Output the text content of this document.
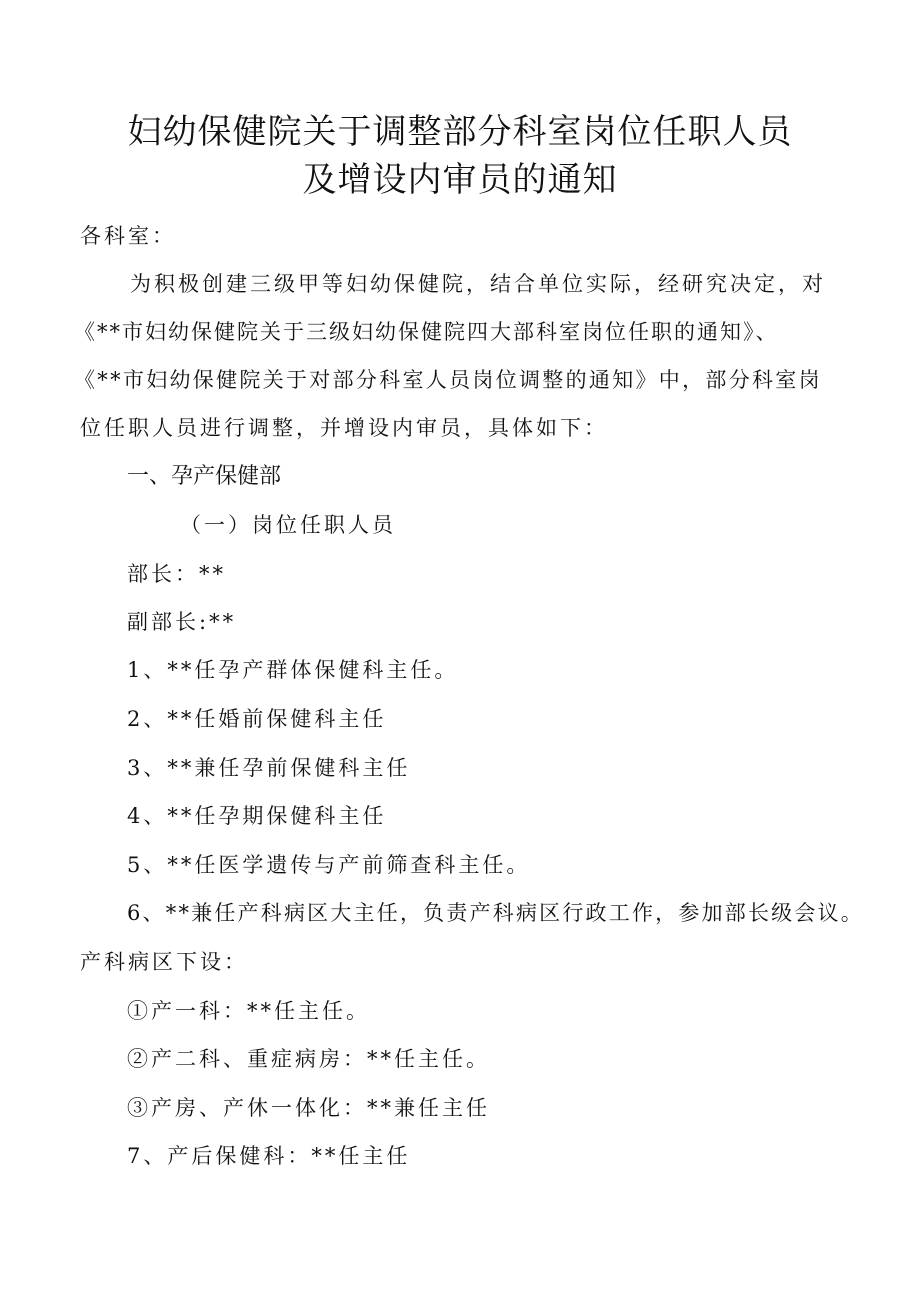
妇幼保健院关于调整部分科室岗位任职人员
及增设内审员的通知
各科室：
为积极创建三级甲等妇幼保健院，结合单位实际，经研究决定，对
《**市妇幼保健院关于三级妇幼保健院四大部科室岗位任职的通知》、
《**市妇幼保健院关于对部分科室人员岗位调整的通知》中，部分科室岗
位任职人员进行调整，并增设内审员，具体如下：
一、孕产保健部
（一）岗位任职人员
部长：**
副部长:**
1、**任孕产群体保健科主任。
2、**任婚前保健科主任
3、**兼任孕前保健科主任
4、**任孕期保健科主任
5、**任医学遗传与产前筛查科主任。
6、**兼任产科病区大主任，负责产科病区行政工作，参加部长级会议。
产科病区下设：
①产一科：**任主任。
②产二科、重症病房：**任主任。
③产房、产休一体化：**兼任主任
7、产后保健科：**任主任
